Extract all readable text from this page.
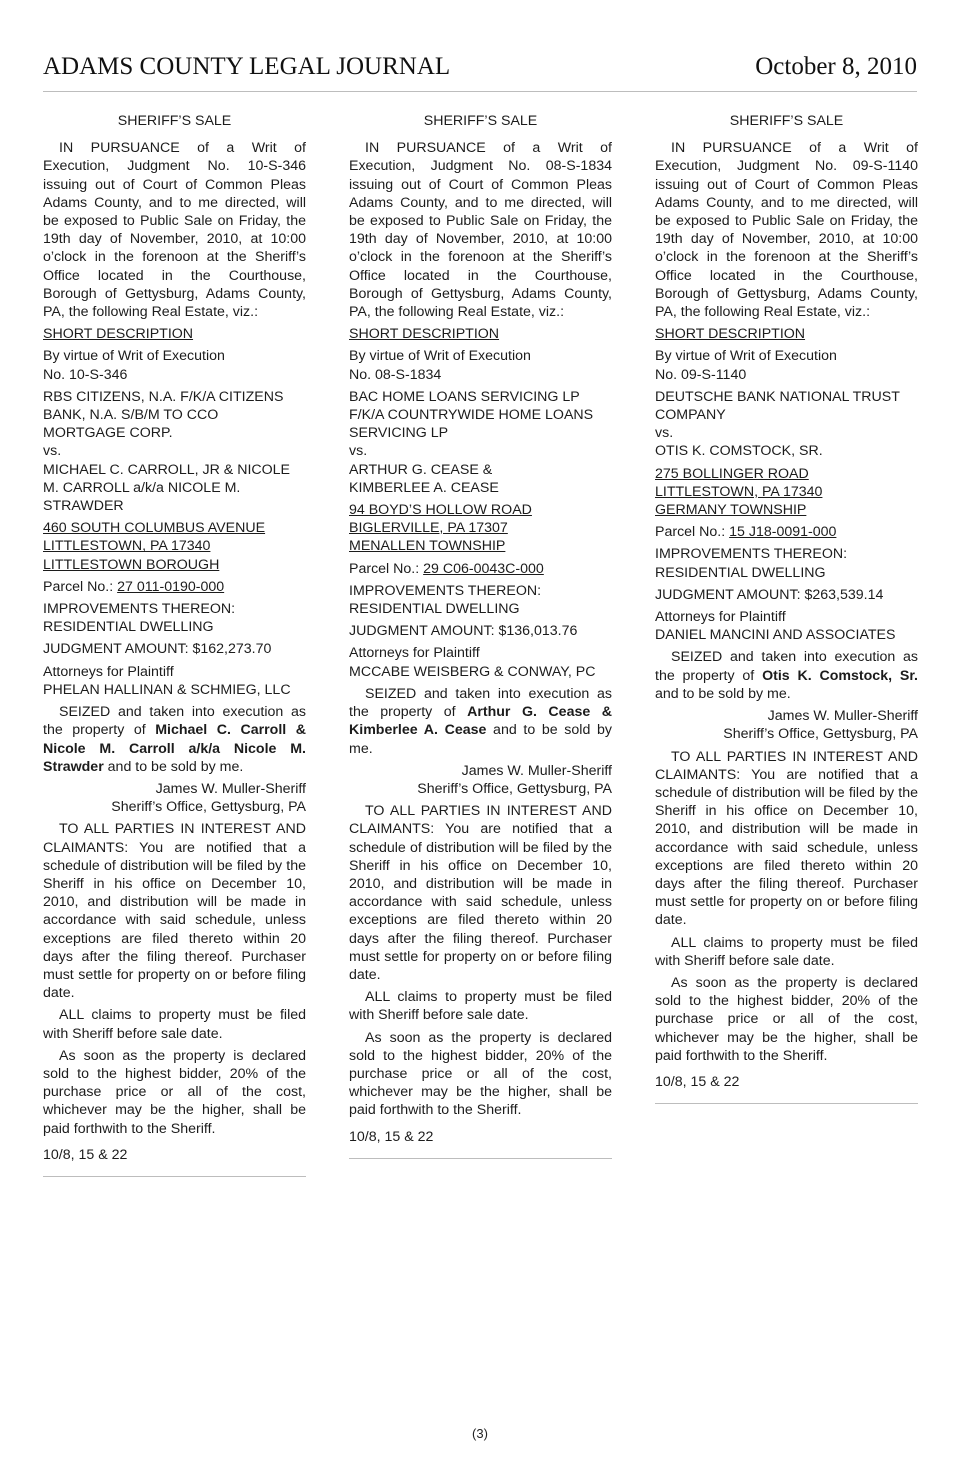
ADAMS COUNTY LEGAL JOURNAL	October 8, 2010
SHERIFF’S SALE
IN PURSUANCE of a Writ of Execution, Judgment No. 10-S-346 issuing out of Court of Common Pleas Adams County, and to me directed, will be exposed to Public Sale on Friday, the 19th day of November, 2010, at 10:00 o’clock in the forenoon at the Sheriff’s Office located in the Courthouse, Borough of Gettysburg, Adams County, PA, the following Real Estate, viz.:
SHORT DESCRIPTION
By virtue of Writ of Execution
No. 10-S-346
RBS CITIZENS, N.A. F/K/A CITIZENS
BANK, N.A. S/B/M TO CCO
MORTGAGE CORP.
vs.
MICHAEL C. CARROLL, JR & NICOLE
M. CARROLL a/k/a NICOLE M.
STRAWDER
460 SOUTH COLUMBUS AVENUE
LITTLESTOWN, PA 17340
LITTLESTOWN BOROUGH
Parcel No.: 27 011-0190-000
IMPROVEMENTS THEREON:
RESIDENTIAL DWELLING
JUDGMENT AMOUNT: $162,273.70
Attorneys for Plaintiff
PHELAN HALLINAN & SCHMIEG, LLC
SEIZED and taken into execution as the property of Michael C. Carroll & Nicole M. Carroll a/k/a Nicole M. Strawder and to be sold by me.
James W. Muller-Sheriff
Sheriff’s Office, Gettysburg, PA
TO ALL PARTIES IN INTEREST AND CLAIMANTS: You are notified that a schedule of distribution will be filed by the Sheriff in his office on December 10, 2010, and distribution will be made in accordance with said schedule, unless exceptions are filed thereto within 20 days after the filing thereof. Purchaser must settle for property on or before filing date.
ALL claims to property must be filed with Sheriff before sale date.
As soon as the property is declared sold to the highest bidder, 20% of the purchase price or all of the cost, whichever may be the higher, shall be paid forthwith to the Sheriff.
10/8, 15 & 22
SHERIFF’S SALE
IN PURSUANCE of a Writ of Execution, Judgment No. 08-S-1834 issuing out of Court of Common Pleas Adams County, and to me directed, will be exposed to Public Sale on Friday, the 19th day of November, 2010, at 10:00 o’clock in the forenoon at the Sheriff’s Office located in the Courthouse, Borough of Gettysburg, Adams County, PA, the following Real Estate, viz.:
SHORT DESCRIPTION
By virtue of Writ of Execution
No. 08-S-1834
BAC HOME LOANS SERVICING LP
F/K/A COUNTRYWIDE HOME LOANS
SERVICING LP
vs.
ARTHUR G. CEASE &
KIMBERLEE A. CEASE
94 BOYD’S HOLLOW ROAD
BIGLERVILLE, PA 17307
MENALLEN TOWNSHIP
Parcel No.: 29 C06-0043C-000
IMPROVEMENTS THEREON:
RESIDENTIAL DWELLING
JUDGMENT AMOUNT: $136,013.76
Attorneys for Plaintiff
MCCABE WEISBERG & CONWAY, PC
SEIZED and taken into execution as the property of Arthur G. Cease & Kimberlee A. Cease and to be sold by me.
James W. Muller-Sheriff
Sheriff’s Office, Gettysburg, PA
TO ALL PARTIES IN INTEREST AND CLAIMANTS: You are notified that a schedule of distribution will be filed by the Sheriff in his office on December 10, 2010, and distribution will be made in accordance with said schedule, unless exceptions are filed thereto within 20 days after the filing thereof. Purchaser must settle for property on or before filing date.
ALL claims to property must be filed with Sheriff before sale date.
As soon as the property is declared sold to the highest bidder, 20% of the purchase price or all of the cost, whichever may be the higher, shall be paid forthwith to the Sheriff.
10/8, 15 & 22
SHERIFF’S SALE
IN PURSUANCE of a Writ of Execution, Judgment No. 09-S-1140 issuing out of Court of Common Pleas Adams County, and to me directed, will be exposed to Public Sale on Friday, the 19th day of November, 2010, at 10:00 o’clock in the forenoon at the Sheriff’s Office located in the Courthouse, Borough of Gettysburg, Adams County, PA, the following Real Estate, viz.:
SHORT DESCRIPTION
By virtue of Writ of Execution
No. 09-S-1140
DEUTSCHE BANK NATIONAL TRUST
COMPANY
vs.
OTIS K. COMSTOCK, SR.
275 BOLLINGER ROAD
LITTLESTOWN, PA 17340
GERMANY TOWNSHIP
Parcel No.: 15 J18-0091-000
IMPROVEMENTS THEREON:
RESIDENTIAL DWELLING
JUDGMENT AMOUNT: $263,539.14
Attorneys for Plaintiff
DANIEL MANCINI AND ASSOCIATES
SEIZED and taken into execution as the property of Otis K. Comstock, Sr. and to be sold by me.
James W. Muller-Sheriff
Sheriff’s Office, Gettysburg, PA
TO ALL PARTIES IN INTEREST AND CLAIMANTS: You are notified that a schedule of distribution will be filed by the Sheriff in his office on December 10, 2010, and distribution will be made in accordance with said schedule, unless exceptions are filed thereto within 20 days after the filing thereof. Purchaser must settle for property on or before filing date.
ALL claims to property must be filed with Sheriff before sale date.
As soon as the property is declared sold to the highest bidder, 20% of the purchase price or all of the cost, whichever may be the higher, shall be paid forthwith to the Sheriff.
10/8, 15 & 22
(3)
